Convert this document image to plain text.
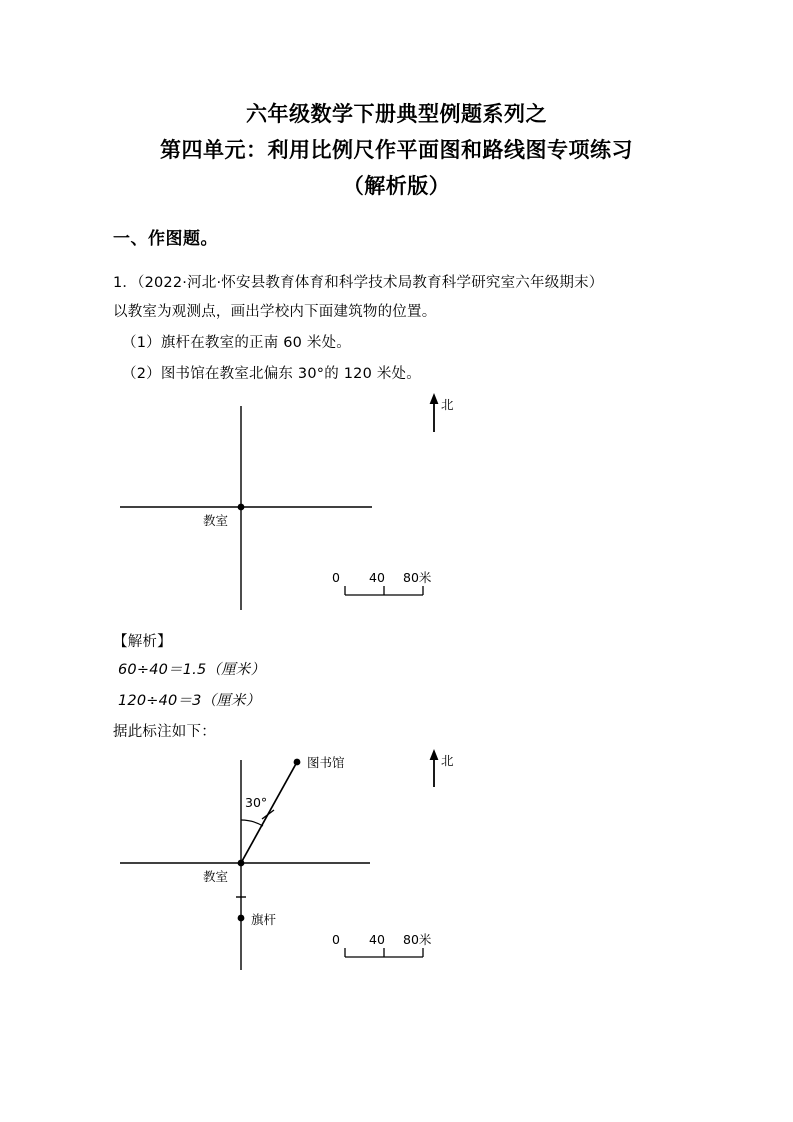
六年级数学下册典型例题系列之
第四单元：利用比例尺作平面图和路线图专项练习
（解析版）
一、作图题。
1．（2022·河北·怀安县教育体育和科学技术局教育科学研究室六年级期末）
以教室为观测点，画出学校内下面建筑物的位置。
（1）旗杆在教室的正南 60 米处。
（2）图书馆在教室北偏东 30°的 120 米处。
教室
北
0 40 80米
【解析】
60÷40＝1.5（厘米）
120÷40＝3（厘米）
据此标注如下：
教室
图书馆
30°
旗杆
北
0 40 80米
